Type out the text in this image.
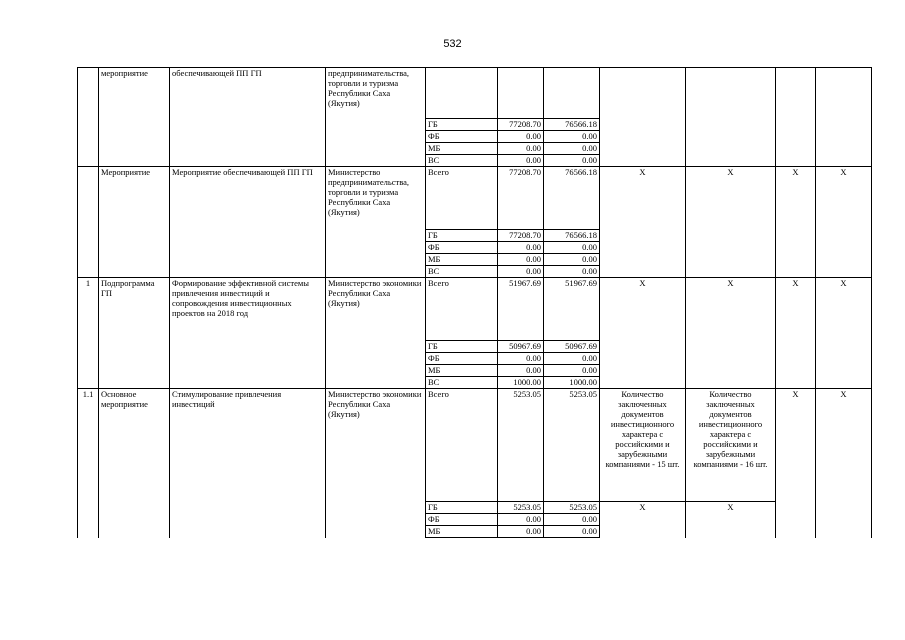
532
	мероприятие	обеспечивающей ПП ГП	предпринимательства, торговли и туризма Республики Саха (Якутия)							
				ГБ	77208.70	76566.18				
				ФБ	0.00	0.00				
				МБ	0.00	0.00				
				ВС	0.00	0.00				
	Мероприятие	Мероприятие обеспечивающей ПП ГП	Министерство предпринимательства, торговли и туризма Республики Саха (Якутия)	Всего	77208.70	76566.18	Х	Х	Х	Х
				ГБ	77208.70	76566.18				
				ФБ	0.00	0.00				
				МБ	0.00	0.00				
				ВС	0.00	0.00				
1	Подпрограмма ГП	Формирование эффективной системы привлечения инвестиций и сопровождения инвестиционных проектов на 2018 год	Министерство экономики Республики Саха (Якутия)	Всего	51967.69	51967.69	Х	Х	Х	Х
				ГБ	50967.69	50967.69				
				ФБ	0.00	0.00				
				МБ	0.00	0.00				
				ВС	1000.00	1000.00				
1.1	Основное мероприятие	Стимулирование привлечения инвестиций	Министерство экономики Республики Саха (Якутия)	Всего	5253.05	5253.05	Количество заключенных документов инвестиционного характера с российскими и зарубежными компаниями - 15 шт.	Количество заключенных документов инвестиционного характера с российскими и зарубежными компаниями - 16 шт.	Х	Х
				ГБ	5253.05	5253.05	Х	Х		
				ФБ	0.00	0.00				
				МБ	0.00	0.00				
